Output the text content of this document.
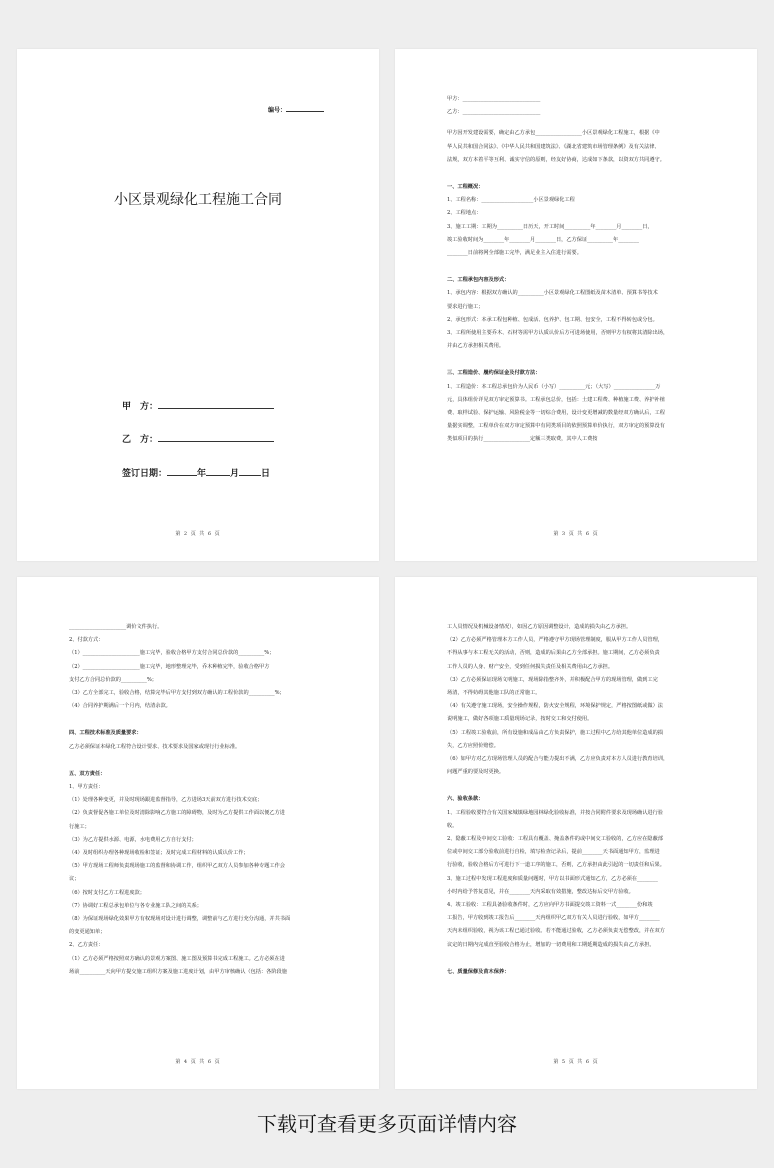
编号：
小区景观绿化工程施工合同
甲　方：
乙　方：
签订日期：	年	月 日
第 2 页 共 6 页
甲方：______________________________
乙方：______________________________
甲方因开发建设需要，确定由乙方承包__________________小区景观绿化工程施工，根据《中
华人民共和国合同法》、《中华人民共和国建筑法》、《湖北省建筑市场管理条例》及有关法律、
法规，双方本着平等互利、诚实守信的原则，经友好协商，达成如下条款，以资双方共同遵守。
一、工程概况：
1、工程名称：____________________小区景观绿化工程
2、工程地点：
3、施工工期：工期为__________日历天，开工时间__________年________月________日，
竣工验收时间为________年________月________日，乙方保证__________年________
________日前将网全部施工完毕，满足业主入住进行需要。
二、工程承包内容及形式：
1、承包内容：根据双方确认的__________小区景观绿化工程图纸及苗木清单、预算书等技术
要求进行施工；
2、承包形式：本承工程包种植、包成活、包养护、包工期、包安全，工程不得转包或分包。
3、工程所使用主要乔木、石材等需甲方认质认价后方可进场使用，否则甲方有权将其清除出场，
并由乙方承担相关费用。
三、工程造价、履约保证金及付款方法：
1、工程造价：本工程总承包价为人民币（小写）__________元；（大写）________________万
元，具体组价详见双方审定预算书。工程承包总价，包括：土建工程费、种植施工费、养护补植
费、取样试验、保护运输、风险税金等一切综合费用，设计变更增减的数量经双方确认后，工程
量据实调整，工程单价在双方审定预算中有同类项目的依照预算单价执行，双方审定的预算没有
类似项目的执行__________________定额三类取费，其中人工费按
第 3 页 共 6 页
______________________调价文件执行。
2、付款方式：
（1）______________________施工完毕，验收合格甲方支付合同总价款的__________%；
（2）______________________施工完毕，地形整理完毕，乔木种植完毕，验收合格甲方
支付乙方合同总价款的__________%；
（3）乙方全部完工，验收合格，结算完毕后甲方支付到双方确认的工程价款的__________%；
（4）合同养护期满后一个月内，结清余款。
四、工程技术标准及质量要求：
乙方必须保证本绿化工程符合设计要求、技术要求及国家或现行行业标准。
五、双方责任：
1、甲方责任：
（1）处理各种变更，并及时现场跟进监督指导，乙方进场3天前双方进行技术交底；
（2）负责督促各施工单位及时清除影响乙方施工的障碍物，及时为乙方提供工作面以便乙方进
行施工；
（3）为乙方提供水源、电源，水电费用乙方自行支付；
（4）及时组织办理各种现场收检和签证；及时完成工程材料的认质认价工作；
（5）甲方现场工程师负责现场施工的监督和协调工作，组织甲乙双方人员参加各种专题工作会
议；
（6）按时支付乙方工程进度款；
（7）协调好工程总承包单位与各专业施工队之间的关系；
（8）为保证现场绿化效果甲方有权现场对设计进行调整，调整前与乙方进行充分沟通，并共书面
的变更通知单；
2、乙方责任：
（1）乙方必须严格按照双方确认的景观方案图、施工图及预算书完成工程施工。乙方必须在进
场前__________天向甲方提交施工组织方案及施工进度计划，由甲方审核确认（包括：各阶段施
第 4 页 共 6 页
工人员情况及机械设备情况），如因乙方原因调整设计，造成的损失由乙方承担。
（2）乙方必须严格管理本方工作人员，严格遵守甲方现场管理制度，服从甲方工作人员管理，
不得从事与本工程无关的活动，否则，造成的后果由乙方全部承担。施工期间，乙方必须负责
工作人员的人身、财产安全，受到任何损失责任及相关费用由乙方承担。
（3）乙方必须保证现场文明施工，现场除指整齐外，并积极配合甲方的现场管理，做到工完
场清，不得妨碍其他施工队的正常施工。
（4）有关遵守施工现场，安全操作规程，防火安全规程，环境保护规定，严格按图纸或做）法
说明施工，做好各项施工质量现场记录，按时交工和交付使用。
（5）工程竣工验收前，所有设施和成品由乙方负责保护，施工过程中乙方给其他单位造成的损
失，乙方应照价赔偿。
（6）如甲方对乙方现场管理人员的配合与能力提出不满，乙方应负责对本方人员进行教育培训，
问题严重的要及时更换。
六、验收条款：
1、工程验收要符合有关国家城镇绿地园林绿化验收标准，并按合同附件要求及现场确认进行验
收。
2、隐蔽工程及中间交工验收：工程具有覆盖、掩盖条件的或中间交工验收的，乙方应在隐蔽部
位或中间交工部分验收前进行自检，填写检查记录后，提前________天书面通知甲方，监理进
行验收，验收合格后方可进行下一道工序的施工，否则，乙方承担由此引起的一切责任和后果。
3、施工过程中发现工程进度和质量问题时，甲方以书面形式通知乙方，乙方必须在________
小时内给予答复意见，并在________天内采取有效措施，整改达标后交甲方验收。
4、竣工验收：工程具备验收条件时，乙方应向甲方书面提交竣工资料一式________份和竣
工报告，甲方收到竣工报告后________天内组织甲乙双方有关人员进行验收，如甲方________
天内未组织验收，视为该工程已通过验收。若不能通过验收，乙方必须负责无偿整改，并在双方
议定的日期内完成直至验收合格为止，增加的一切费用和工期延期造成的损失由乙方承担。
七、质量保修及苗木保养：
第 5 页 共 6 页
下载可查看更多页面详情内容
